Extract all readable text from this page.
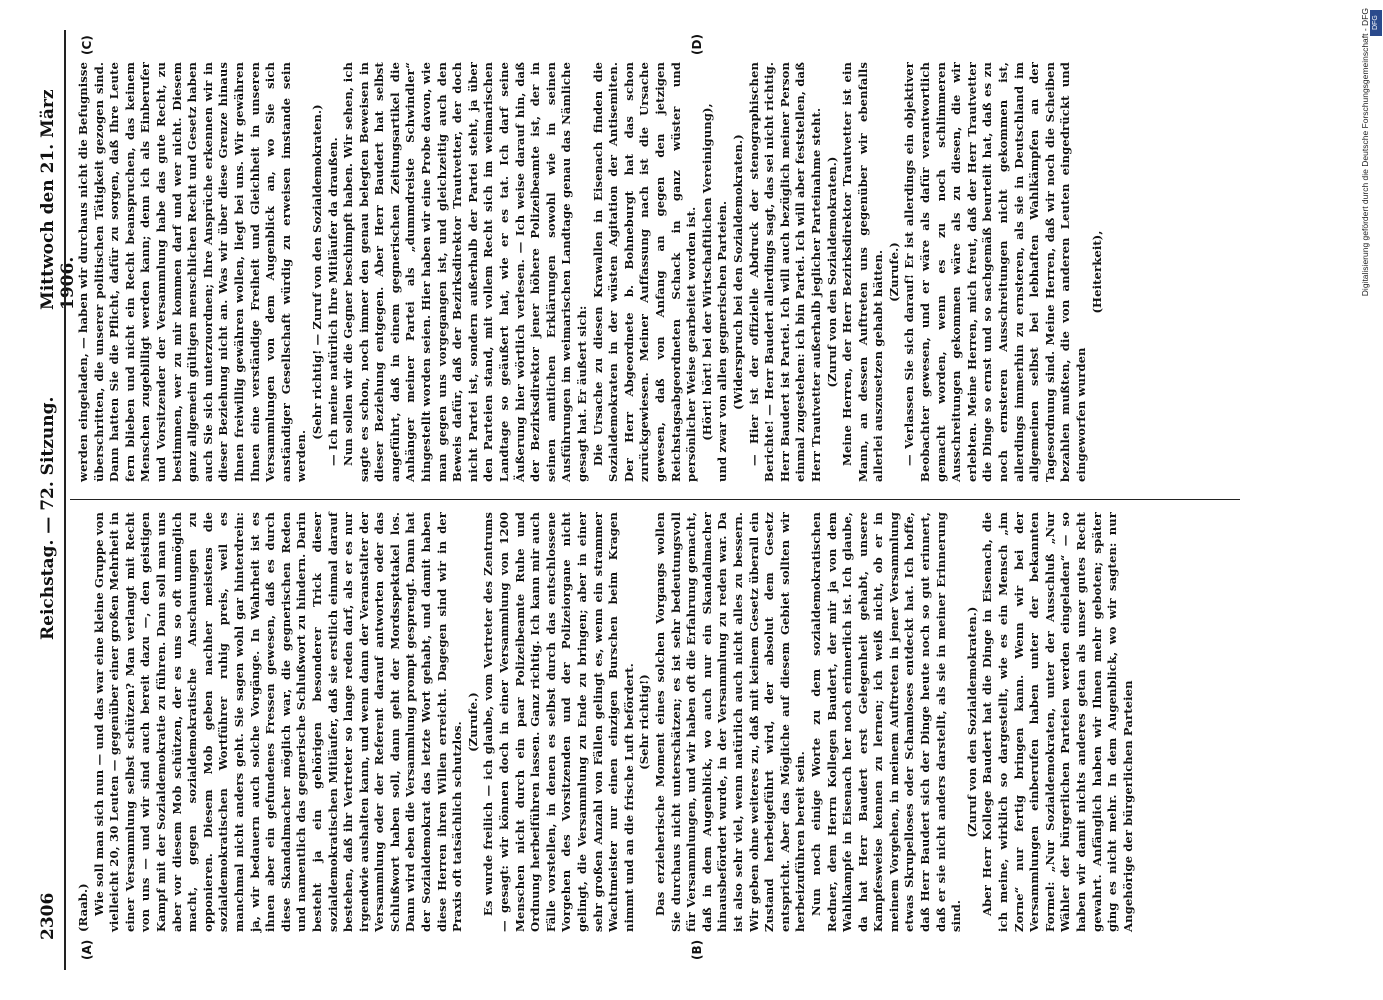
2306
Reichstag. — 72. Sitzung.
Mittwoch den 21. März 1906.
(A)	(B)
(C)	(D)

(Raab.) Wie soll man sich nun — und das war eine kleine Gruppe von vielleicht 20, 30 Leuten — gegenüber einer großen Mehrheit in einer Versammlung selbst schützen? Man verlangt mit Recht von uns — und wir sind auch bereit dazu —, den geistigen Kampf mit der Sozialdemokratie zu führen. Dann soll man uns aber vor diesem Mob schützen, der es uns so oft unmöglich macht, gegen sozialdemokratische Anschauungen zu opponieren. Diesem Mob geben nachher meistens die sozialdemokratischen Wortführer ruhig preis, weil es manchmal nicht anders geht. Sie sagen wohl gar hinterdrein: ja, wir bedauern auch solche Vorgänge. In Wahrheit ist es ihnen aber ein gefundenes Fressen gewesen, daß es durch diese Skandalmacher möglich war, die gegnerischen Reden und namentlich das gegnerische Schlußwort zu hindern. Darin besteht ja ein gehörigen besonderer Trick dieser sozialdemokratischen Mitläufer, daß sie erstlich einmal darauf bestehen, daß ihr Vertreter so lange reden darf, als er es nur irgendwie aushalten kann, und wenn dann der Veranstalter der Versammlung oder der Referent darauf antworten oder das Schlußwort haben soll, dann geht der Mordsspektakel los. Dann wird eben die Versammlung prompt gesprengt. Dann hat der Sozialdemokrat das letzte Wort gehabt, und damit haben diese Herren ihren Willen erreicht. Dagegen sind wir in der Praxis oft tatsächlich schutzlos. (Zurufe.) Es wurde freilich — ich glaube, vom Vertreter des Zentrums — gesagt: wir können doch in einer Versammlung von 1200 Menschen nicht durch ein paar Polizeibeamte Ruhe und Ordnung herbeiführen lassen. Ganz richtig. Ich kann mir auch Fälle vorstellen, in denen es selbst durch das entschlossene Vorgehen des Vorsitzenden und der Polizeiorgane nicht gelingt, die Versammlung zu Ende zu bringen; aber in einer sehr großen Anzahl von Fällen gelingt es, wenn ein strammer Wachtmeister nur einen einzigen Burschen beim Kragen nimmt und an die frische Luft befördert. (Sehr richtig!) Das erzieherische Moment eines solchen Vorgangs wollen Sie durchaus nicht unterschätzen; es ist sehr bedeutungsvoll für Versammlungen, und wir haben oft die Erfahrung gemacht, daß in dem Augenblick, wo auch nur ein Skandalmacher hinausbefördert wurde, in der Versammlung zu reden war. Da ist also sehr viel, wenn natürlich auch nicht alles zu bessern. Wir geben ohne weiteres zu, daß mit keinem Gesetz überall ein Zustand herbeigeführt wird, der absolut dem Gesetz entspricht. Aber das Mögliche auf diesem Gebiet sollten wir herbeizuführen bereit sein. Nun noch einige Worte zu dem sozialdemokratischen Redner, dem Herrn Kollegen Baudert, der mir ja von dem Wahlkampfe in Eisenach her noch erinnerlich ist. Ich glaube, da hat Herr Baudert erst Gelegenheit gehabt, unsere Kampfesweise kennen zu lernen; ich weiß nicht, ob er in meinem Vorgehen, in meinem Auftreten in jener Versammlung etwas Skrupelloses oder Schamloses entdeckt hat. Ich hoffe, daß Herr Baudert sich der Dinge heute noch so gut erinnert, daß er sie nicht anders darstellt, als sie in meiner Erinnerung sind.

(Zuruf von den Sozialdemokraten.) Aber Herr Kollege Baudert hat die Dinge in Eisenach, die ich meine, wirklich so dargestellt, wie es ein Mensch „im Zorne“ nur fertig bringen kann. Wenn wir bei der Versammlungen einberufen haben unter der bekannten Formel: „Nur Sozialdemokraten, unter der Ausschluß „Nur Wähler der bürgerlichen Parteien werden eingeladen“ — so haben wir damit nichts anderes getan als unser gutes Recht gewahrt. Anfänglich haben wir Ihnen mehr geboten; später ging es nicht mehr. In dem Augenblick, wo wir sagten: nur Angehörige der bürgerlichen Parteien

werden eingeladen, — haben wir durchaus nicht die Befugnisse überschritten, die unserer politischen Tätigkeit gezogen sind. Dann hatten Sie die Pflicht, dafür zu sorgen, daß Ihre Leute fern blieben und nicht ein Recht beanspruchen, das keinem Menschen zugebilligt werden kann; denn ich als Einberufer und Vorsitzender der Versammlung habe das gute Recht, zu bestimmen, wer zu mir kommen darf und wer nicht. Diesem ganz allgemein gültigen menschlichen Recht und Gesetz haben auch Sie sich unterzuordnen; Ihre Ansprüche erkennen wir in dieser Beziehung nicht an. Was wir über diese Grenze hinaus Ihnen freiwillig gewähren wollen, liegt bei uns. Wir gewähren Ihnen eine verständige Freiheit und Gleichheit in unseren Versammlungen von dem Augenblick an, wo Sie sich anständiger Gesellschaft würdig zu erweisen imstande sein werden.

(Sehr richtig! — Zuruf von den Sozialdemokraten.) — Ich meine natürlich Ihre Mitläufer da draußen. Nun sollen wir die Gegner beschimpft haben. Wir sehen, ich sagte es schon, noch immer den genau belegten Beweisen in dieser Beziehung entgegen. Aber Herr Baudert hat selbst angeführt, daß in einem gegnerischen Zeitungsartikel die Anhänger meiner Partei als „dummdreiste Schwindler“ hingestellt worden seien. Hier haben wir eine Probe davon, wie man gegen uns vorgegangen ist, und gleichzeitig auch den Beweis dafür, daß der Bezirksdirektor Trautvetter, der doch nicht Partei ist, sondern außerhalb der Partei steht, ja über den Parteien stand, mit vollem Recht sich im weimarischen Landtage so geäußert hat, wie er es tat. Ich darf seine Äußerung hier wörtlich verlesen. — Ich weise darauf hin, daß der Bezirksdirektor jener höhere Polizeibeamte ist, der in seinen amtlichen Erklärungen sowohl wie in seinen Ausführungen im weimarischen Landtage genau das Nämliche gesagt hat. Er äußert sich: Die Ursache zu diesen Krawallen in Eisenach finden die Sozialdemokraten in der wüsten Agitation der Antisemiten. Der Herr Abgeordnete b. Bohneburgt hat das schon zurückgewiesen. Meiner Auffassung nach ist die Ursache gewesen, daß von Anfang an gegen den jetzigen Reichstagsabgeordneten Schack in ganz wüster und persönlicher Weise gearbeitet worden ist. (Hört! hört! bei der Wirtschaftlichen Vereinigung), und zwar von allen gegnerischen Parteien. (Widerspruch bei den Sozialdemokraten.) — Hier ist der offizielle Abdruck der stenographischen Berichte! — Herr Baudert allerdings sagt, das sei nicht richtig. Herr Baudert ist Partei. Ich will auch bezüglich meiner Person einmal zugestehen: ich bin Partei. Ich will aber feststellen, daß Herr Trautvetter außerhalb jeglicher Parteinahme steht. (Zuruf von den Sozialdemokraten.) Meine Herren, der Herr Bezirksdirektor Trautvetter ist ein Mann, an dessen Auftreten uns gegenüber wir ebenfalls allerlei auszusetzen gehabt hätten. (Zurufe.) — Verlassen Sie sich darauf! Er ist allerdings ein objektiver Beobachter gewesen, und er wäre als dafür verantwortlich gemacht worden, wenn es zu noch schlimmeren Ausschreitungen gekommen wäre als zu diesen, die wir erlebten. Meine Herren, mich freut, daß der Herr Trautvetter die Dinge so ernst und so sachgemäß beurteilt hat, daß es zu noch ernsteren Ausschreitungen nicht gekommen ist, allerdings immerhin zu ernsteren, als sie in Deutschland im allgemeinen selbst bei lebhaften Wahlkämpfen an der Tagesordnung sind. Meine Herren, daß wir noch die Scheiben bezahlen mußten, die von anderen Leuten eingedrückt und eingeworfen wurden

(Heiterkeit),	Digitalisierung gefördert durch die Deutsche Forschungsgemeinschaft - DFG DFG
